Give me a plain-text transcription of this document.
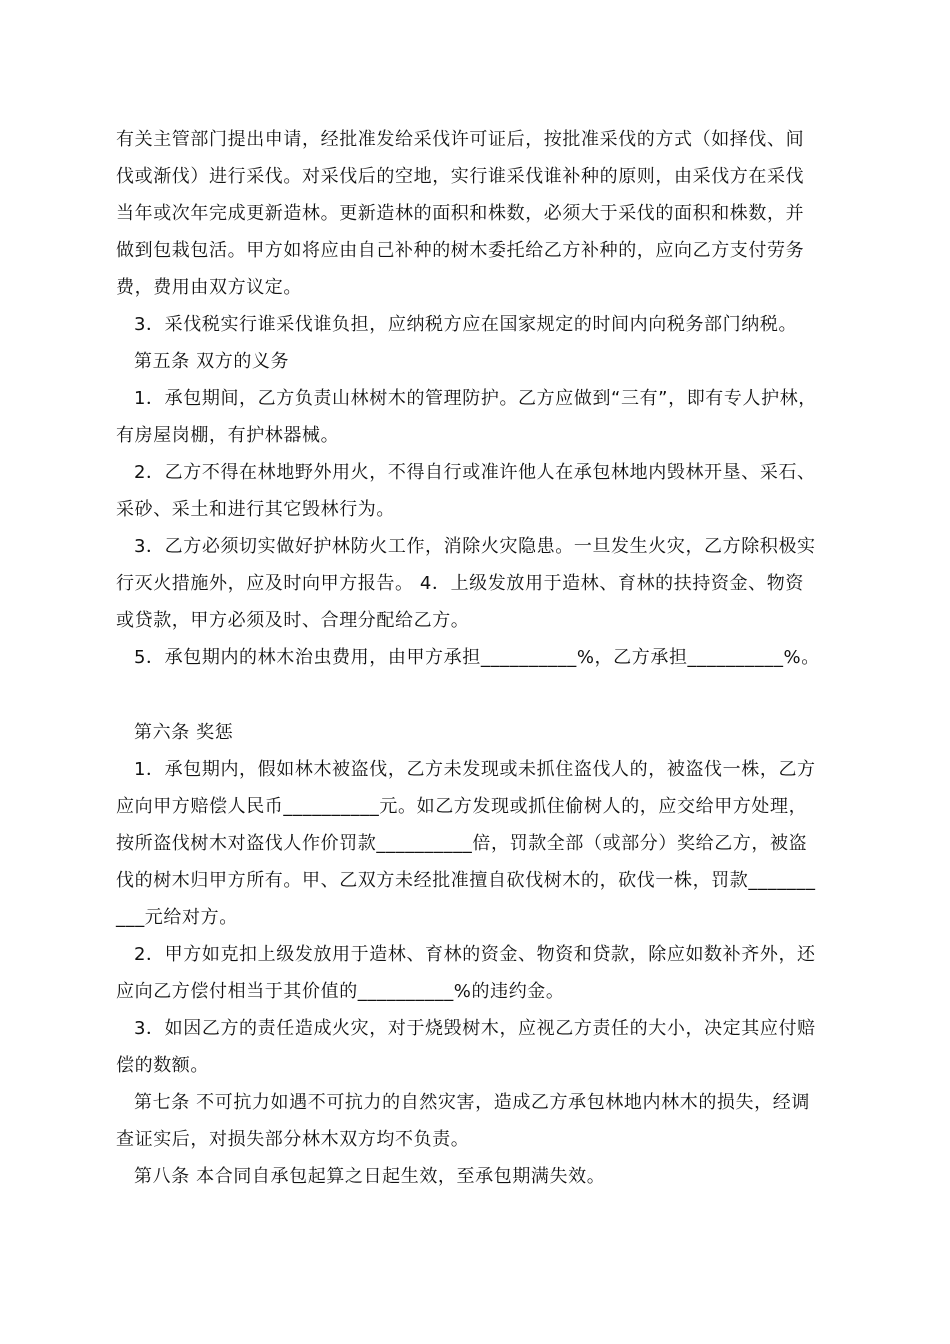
有关主管部门提出申请，经批准发给采伐许可证后，按批准采伐的方式（如择伐、间
伐或渐伐）进行采伐。对采伐后的空地，实行谁采伐谁补种的原则，由采伐方在采伐
当年或次年完成更新造林。更新造林的面积和株数，必须大于采伐的面积和株数，并
做到包栽包活。甲方如将应由自己补种的树木委托给乙方补种的，应向乙方支付劳务
费，费用由双方议定。
3．采伐税实行谁采伐谁负担，应纳税方应在国家规定的时间内向税务部门纳税。
第五条 双方的义务
1．承包期间，乙方负责山林树木的管理防护。乙方应做到“三有”，即有专人护林，
有房屋岗棚，有护林器械。
2．乙方不得在林地野外用火，不得自行或准许他人在承包林地内毁林开垦、采石、
采砂、采土和进行其它毁林行为。
3．乙方必须切实做好护林防火工作，消除火灾隐患。一旦发生火灾，乙方除积极实
行灭火措施外，应及时向甲方报告。 4．上级发放用于造林、育林的扶持资金、物资
或贷款，甲方必须及时、合理分配给乙方。
5．承包期内的林木治虫费用，由甲方承担__________%，乙方承担__________%。
第六条 奖惩
1．承包期内，假如林木被盗伐，乙方未发现或未抓住盗伐人的，被盗伐一株，乙方
应向甲方赔偿人民币__________元。如乙方发现或抓住偷树人的，应交给甲方处理，
按所盗伐树木对盗伐人作价罚款__________倍，罚款全部（或部分）奖给乙方，被盗
伐的树木归甲方所有。甲、乙双方未经批准擅自砍伐树木的，砍伐一株，罚款_______
___元给对方。
2．甲方如克扣上级发放用于造林、育林的资金、物资和贷款，除应如数补齐外，还
应向乙方偿付相当于其价值的__________%的违约金。
3．如因乙方的责任造成火灾，对于烧毁树木，应视乙方责任的大小，决定其应付赔
偿的数额。
第七条 不可抗力如遇不可抗力的自然灾害，造成乙方承包林地内林木的损失，经调
查证实后，对损失部分林木双方均不负责。
第八条 本合同自承包起算之日起生效，至承包期满失效。
